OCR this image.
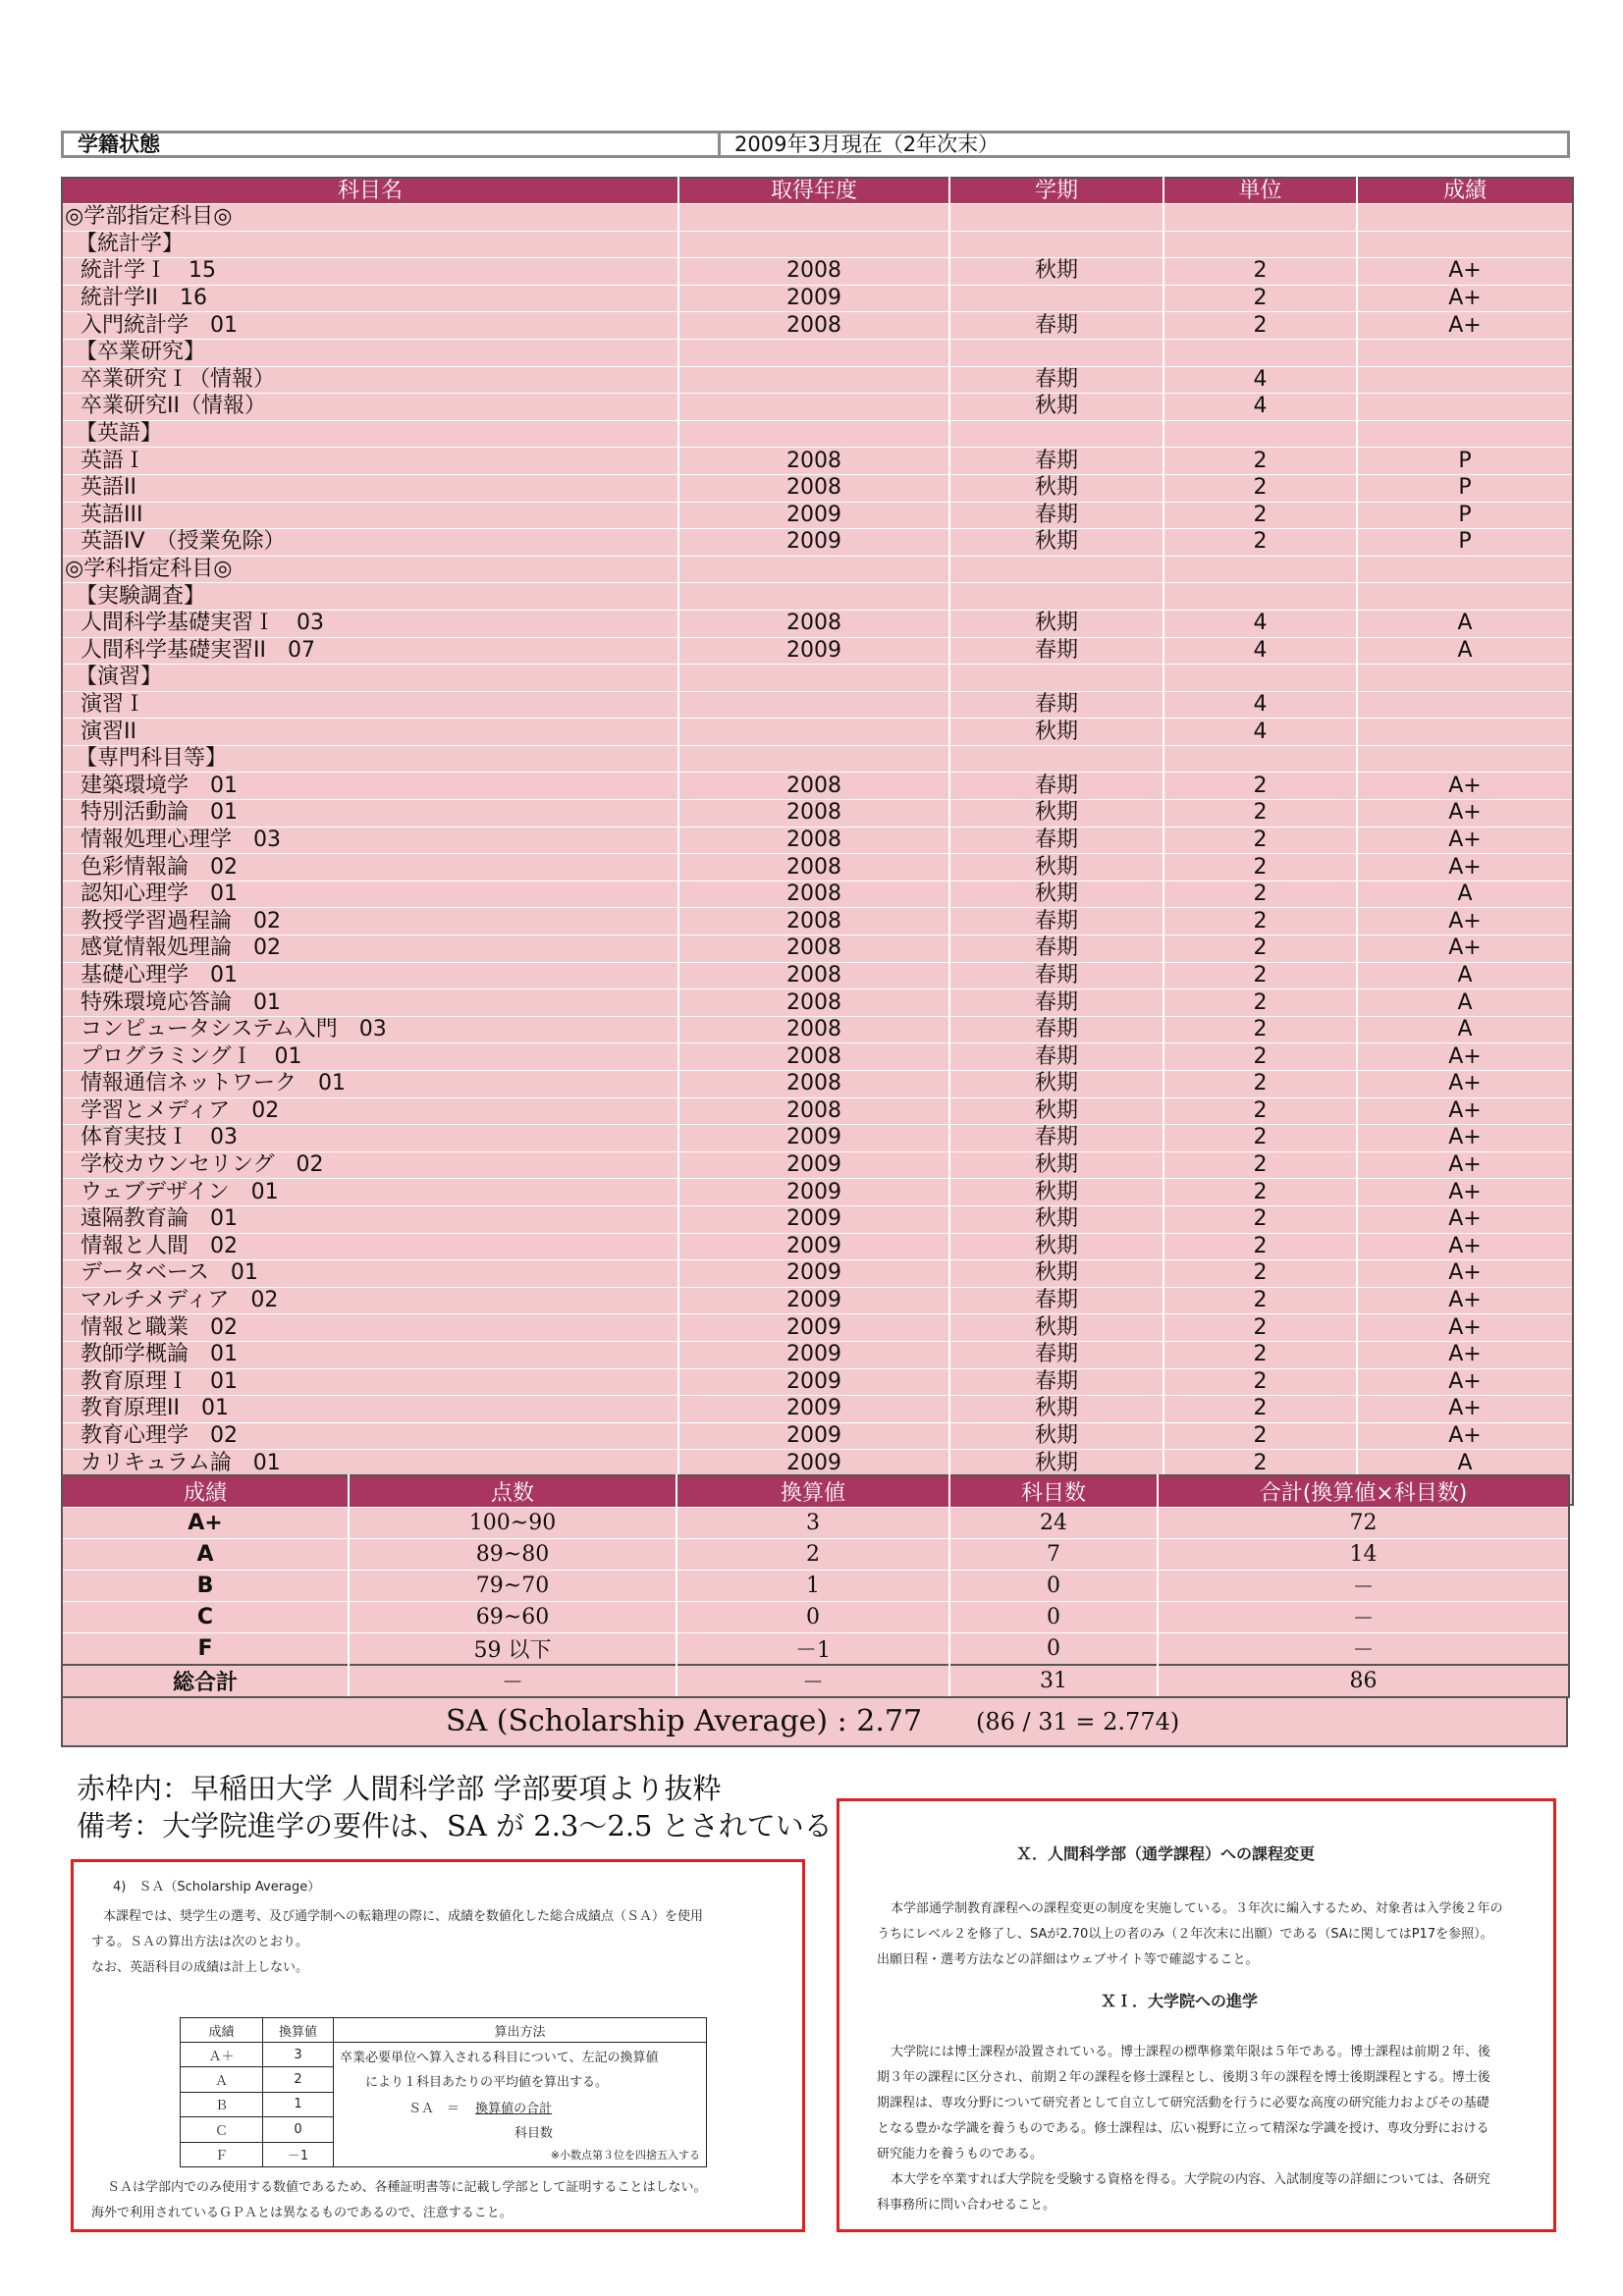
学籍状態	2009年3月現在（2年次末）
科目名	取得年度	学期	単位	成績
◎学部指定科目◎				
　【統計学】				
統計学Ｉ　15	2008	秋期	2	A+
統計学II　16	2009		2	A+
入門統計学　01	2008	春期	2	A+
　【卒業研究】				
卒業研究Ｉ（情報）		春期	4	
卒業研究II（情報）		秋期	4	
　【英語】				
英語Ｉ	2008	春期	2	P
英語II	2008	秋期	2	P
英語III	2009	春期	2	P
英語IV　（授業免除）	2009	秋期	2	P
◎学科指定科目◎				
　【実験調査】				
人間科学基礎実習Ｉ　03	2008	秋期	4	A
人間科学基礎実習II　07	2009	春期	4	A
　【演習】				
演習Ｉ		春期	4	
演習II		秋期	4	
　【専門科目等】				
建築環境学　01	2008	春期	2	A+
特別活動論　01	2008	秋期	2	A+
情報処理心理学　03	2008	春期	2	A+
色彩情報論　02	2008	秋期	2	A+
認知心理学　01	2008	秋期	2	A
教授学習過程論　02	2008	春期	2	A+
感覚情報処理論　02	2008	春期	2	A+
基礎心理学　01	2008	春期	2	A
特殊環境応答論　01	2008	春期	2	A
コンピュータシステム入門　03	2008	春期	2	A
プログラミングＩ　01	2008	春期	2	A+
情報通信ネットワーク　01	2008	秋期	2	A+
学習とメディア　02	2008	秋期	2	A+
体育実技Ｉ　03	2009	春期	2	A+
学校カウンセリング　02	2009	秋期	2	A+
ウェブデザイン　01	2009	秋期	2	A+
遠隔教育論　01	2009	秋期	2	A+
情報と人間　02	2009	秋期	2	A+
データベース　01	2009	秋期	2	A+
マルチメディア　02	2009	春期	2	A+
情報と職業　02	2009	秋期	2	A+
教師学概論　01	2009	春期	2	A+
教育原理Ｉ　01	2009	春期	2	A+
教育原理II　01	2009	秋期	2	A+
教育心理学　02	2009	秋期	2	A+
カリキュラム論　01	2009	秋期	2	A

成績	点数	換算値	科目数	合計(換算値×科目数)
A+	100~90	3	24	72
A	89~80	2	7	14
B	79~70	1	0	－
C	69~60	0	0	－
F	59 以下	－1	0	－
総合計	－	－	31	86
SA (Scholarship Average) : 2.77 (86 / 31 = 2.774)
赤枠内：早稲田大学 人間科学部 学部要項より抜粋
備考：大学院進学の要件は、SA が 2.3～2.5 とされている

4)　ＳＡ（Scholarship Average）

本課程では、奨学生の選考、及び通学制への転籍理の際に、成績を数値化した総合成績点（ＳＡ）を使用

する。ＳＡの算出方法は次のとおり。

なお、英語科目の成績は計上しない。

成績	換算値	算出方法
Ａ＋	3	卒業必要単位へ算入される科目について、左記の換算値
により１科目あたりの平均値を算出する。
ＳＡ　＝ 換算値の合計
科目数
※小数点第３位を四捨五入する

Ａ	2	
Ｂ	1	
Ｃ	0	
Ｆ	－1	

ＳＡは学部内でのみ使用する数値であるため、各種証明書等に記載し学部として証明することはしない。

海外で利用されているＧＰＡとは異なるものであるので、注意すること。

Ｘ．人間科学部（通学課程）への課程変更

本学部通学制教育課程への課程変更の制度を実施している。３年次に編入するため、対象者は入学後２年の

うちにレベル２を修了し、SAが2.70以上の者のみ（２年次末に出願）である（SAに関してはP17を参照）。

出願日程・選考方法などの詳細はウェブサイト等で確認すること。

ＸＩ．大学院への進学

大学院には博士課程が設置されている。博士課程の標準修業年限は５年である。博士課程は前期２年、後

期３年の課程に区分され、前期２年の課程を修士課程とし、後期３年の課程を博士後期課程とする。博士後

期課程は、専攻分野について研究者として自立して研究活動を行うに必要な高度の研究能力およびその基礎

となる豊かな学識を養うものである。修士課程は、広い視野に立って精深な学識を授け、専攻分野における

研究能力を養うものである。

本大学を卒業すれば大学院を受験する資格を得る。大学院の内容、入試制度等の詳細については、各研究

科事務所に問い合わせること。
